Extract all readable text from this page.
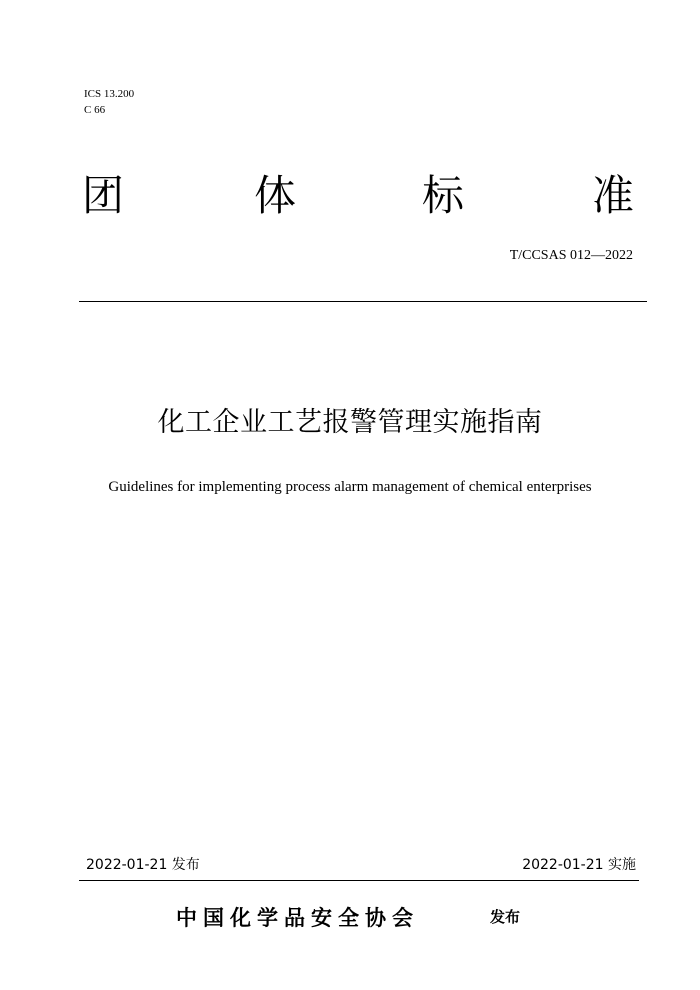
ICS 13.200
C 66
团	体	标	准
T/CCSAS 012—2022
化工企业工艺报警管理实施指南
Guidelines for implementing process alarm management of chemical enterprises
2022-01-21 发布	2022-01-21 实施
中国化学品安全协会	发布
